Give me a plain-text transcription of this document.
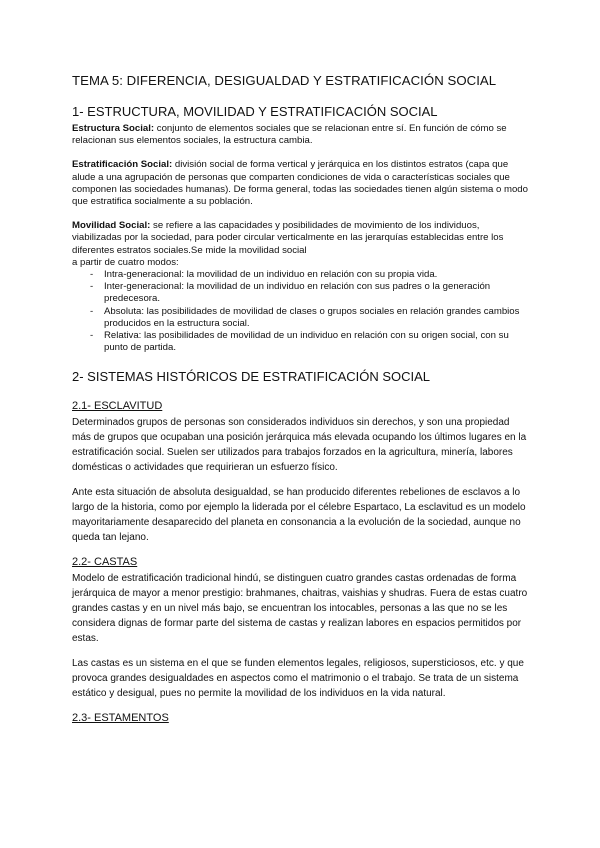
TEMA 5: DIFERENCIA, DESIGUALDAD Y ESTRATIFICACIÓN SOCIAL
1- ESTRUCTURA, MOVILIDAD Y ESTRATIFICACIÓN SOCIAL

Estructura Social: conjunto de elementos sociales que se relacionan entre sí. En función de cómo se relacionan sus elementos sociales, la estructura cambia.

Estratificación Social: división social de forma vertical y jerárquica en los distintos estratos (capa que alude a una agrupación de personas que comparten condiciones de vida o características sociales que componen las sociedades humanas). De forma general, todas las sociedades tienen algún sistema o modo que estratifica socialmente a su población.

Movilidad Social: se refiere a las capacidades y posibilidades de movimiento de los individuos, viabilizadas por la sociedad, para poder circular verticalmente en las jerarquías establecidas entre los diferentes estratos sociales.Se mide la movilidad social

a partir de cuatro modos:

- Intra-generacional: la movilidad de un individuo en relación con su propia vida.
- Inter-generacional: la movilidad de un individuo en relación con sus padres o la generación predecesora.
- Absoluta: las posibilidades de movilidad de clases o grupos sociales en relación grandes cambios producidos en la estructura social.
- Relativa: las posibilidades de movilidad de un individuo en relación con su origen social, con su punto de partida.
2- SISTEMAS HISTÓRICOS DE ESTRATIFICACIÓN SOCIAL
2.1- ESCLAVITUD

Determinados grupos de personas son considerados individuos sin derechos, y son una propiedad más de grupos que ocupaban una posición jerárquica más elevada ocupando los últimos lugares en la estratificación social. Suelen ser utilizados para trabajos forzados en la agricultura, minería, labores domésticas o actividades que requirieran un esfuerzo físico.

Ante esta situación de absoluta desigualdad, se han producido diferentes rebeliones de esclavos a lo largo de la historia, como por ejemplo la liderada por el célebre Espartaco, La esclavitud es un modelo mayoritariamente desaparecido del planeta en consonancia a la evolución de la sociedad, aunque no queda tan lejano.

2.2- CASTAS

Modelo de estratificación tradicional hindú, se distinguen cuatro grandes castas ordenadas de forma jerárquica de mayor a menor prestigio: brahmanes, chaitras, vaishias y shudras. Fuera de estas cuatro grandes castas y en un nivel más bajo, se encuentran los intocables, personas a las que no se les considera dignas de formar parte del sistema de castas y realizan labores en espacios permitidos por estas.

Las castas es un sistema en el que se funden elementos legales, religiosos, supersticiosos, etc. y que provoca grandes desigualdades en aspectos como el matrimonio o el trabajo. Se trata de un sistema estático y desigual, pues no permite la movilidad de los individuos en la vida natural.

2.3- ESTAMENTOS
